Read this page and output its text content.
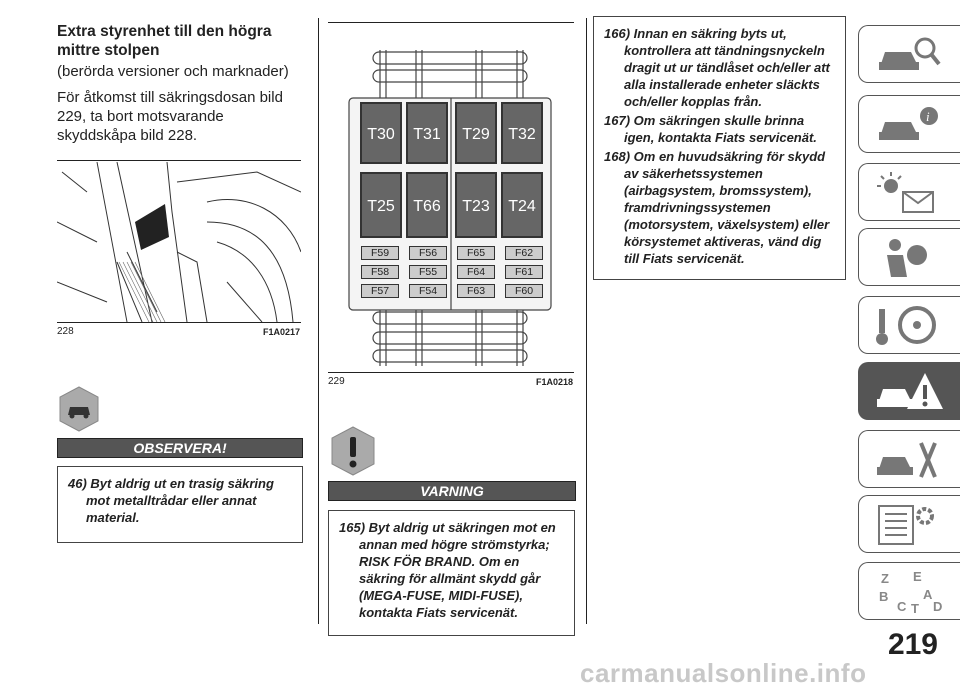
Extra styrenhet till den högra mittre stolpen
(berörda versioner och marknader)
För åtkomst till säkringsdosan bild 229, ta bort motsvarande skyddskåpa bild 228.
228	F1A0217
OBSERVERA!
46) Byt aldrig ut en trasig säkring mot metalltrådar eller annat material.
T30	T31	T29	T32
T25	T66	T23	T24
F59	F56	F65	F62
F58	F55	F64	F61
F57	F54	F63	F60
229	F1A0218
VARNING
165) Byt aldrig ut säkringen mot en annan med högre strömstyrka; RISK FÖR BRAND. Om en säkring för allmänt skydd går (MEGA-FUSE, MIDI-FUSE), kontakta Fiats servicenät.
166) Innan en säkring byts ut, kontrollera att tändningsnyckeln dragit ut ur tändlåset och/eller att alla installerade enheter släckts och/eller kopplas från.
167) Om säkringen skulle brinna igen, kontakta Fiats servicenät.
168) Om en huvudsäkring för skydd av säkerhetssystemen (airbagsystem, bromssystem), framdrivningssystemen (motorsystem, växelsystem) eller körsystemet aktiveras, vänd dig till Fiats servicenät.
i
Z E
B	A
C T D
219
carmanualsonline.info
